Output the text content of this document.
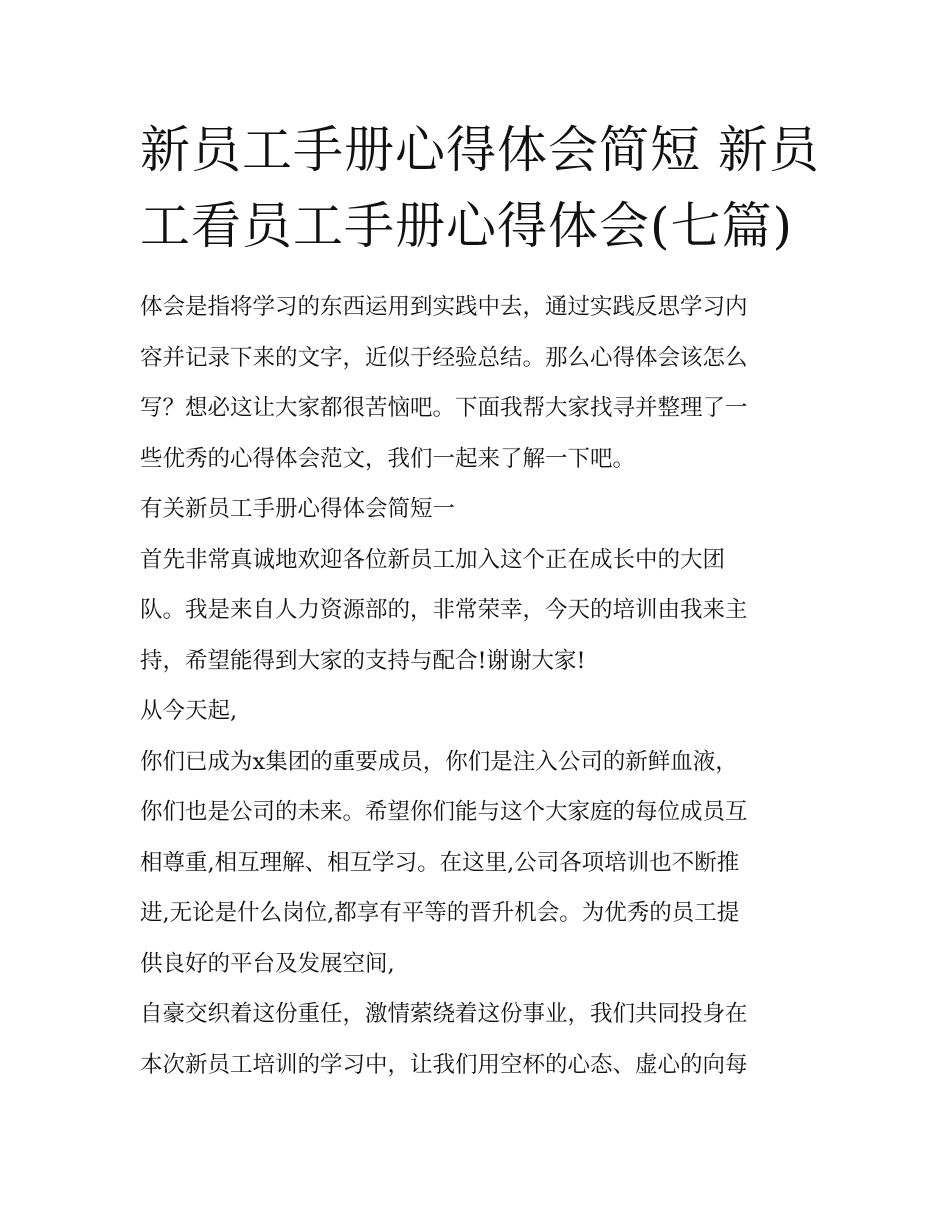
新员工手册心得体会简短 新员
工看员工手册心得体会(七篇)
体会是指将学习的东西运用到实践中去，通过实践反思学习内
容并记录下来的文字，近似于经验总结。那么心得体会该怎么
写？想必这让大家都很苦恼吧。下面我帮大家找寻并整理了一
些优秀的心得体会范文，我们一起来了解一下吧。
有关新员工手册心得体会简短一
首先非常真诚地欢迎各位新员工加入这个正在成长中的大团
队。我是来自人力资源部的，非常荣幸，今天的培训由我来主
持，希望能得到大家的支持与配合!谢谢大家!
从今天起,
你们已成为x集团的重要成员，你们是注入公司的新鲜血液，
你们也是公司的未来。希望你们能与这个大家庭的每位成员互
相尊重,相互理解、相互学习。在这里,公司各项培训也不断推
进,无论是什么岗位,都享有平等的晋升机会。为优秀的员工提
供良好的平台及发展空间,
自豪交织着这份重任，激情萦绕着这份事业，我们共同投身在
本次新员工培训的学习中，让我们用空杯的心态、虚心的向每
